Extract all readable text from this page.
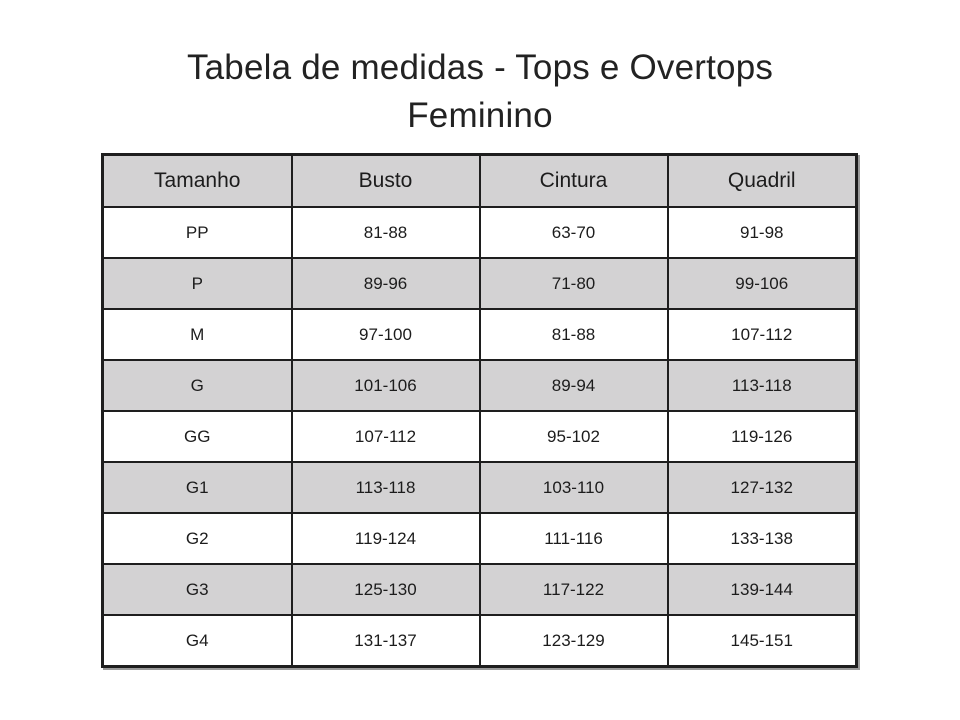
Tabela de medidas - Tops e Overtops
Feminino
Tamanho	Busto	Cintura	Quadril
PP	81-88	63-70	91-98
P	89-96	71-80	99-106
M	97-100	81-88	107-112
G	101-106	89-94	113-118
GG	107-112	95-102	119-126
G1	113-118	103-110	127-132
G2	119-124	111-116	133-138
G3	125-130	117-122	139-144
G4	131-137	123-129	145-151
